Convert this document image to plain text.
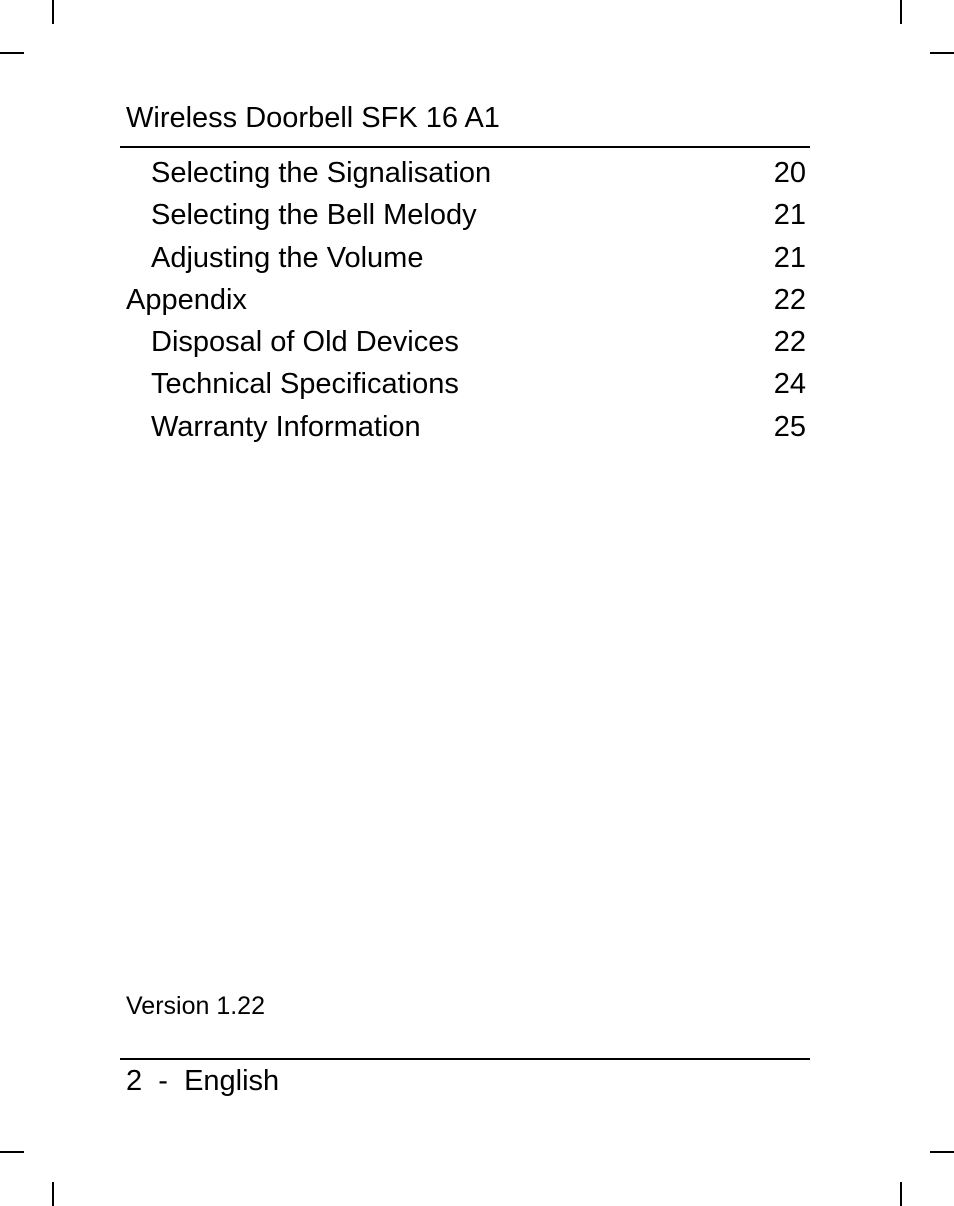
Wireless Doorbell SFK 16 A1
Selecting the Signalisation	20
Selecting the Bell Melody	21
Adjusting the Volume	21
Appendix	22
Disposal of Old Devices	22
Technical Specifications	24
Warranty Information	25
Version 1.22
2 - English
